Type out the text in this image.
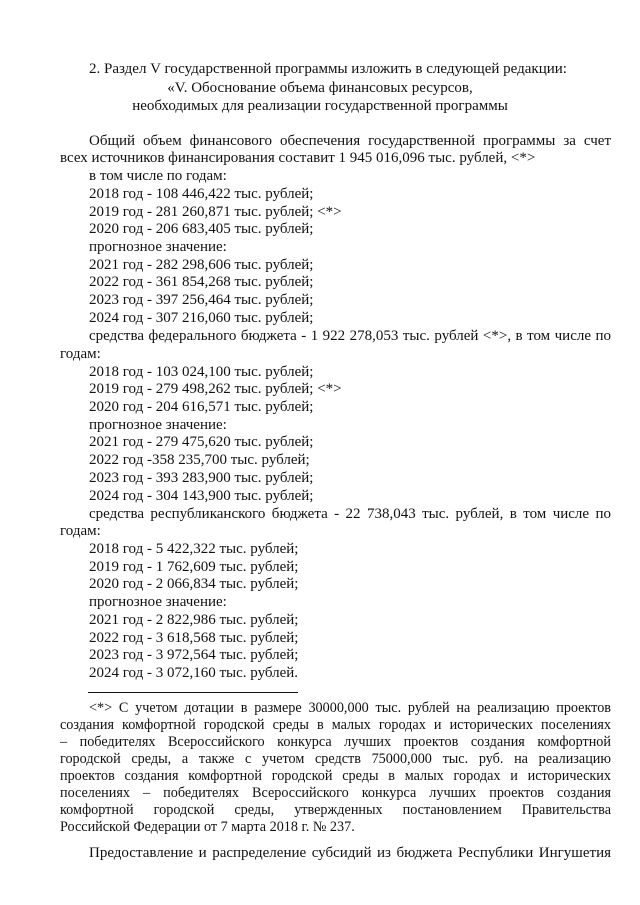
2. Раздел V государственной программы изложить в следующей редакции:
«V. Обоснование объема финансовых ресурсов,
необходимых для реализации государственной программы
Общий объем финансового обеспечения государственной программы за счет
всех источников финансирования составит 1 945 016,096 тыс. рублей, <*>
в том числе по годам:
2018 год - 108 446,422 тыс. рублей;
2019 год - 281 260,871 тыс. рублей; <*>
2020 год - 206 683,405 тыс. рублей;
прогнозное значение:
2021 год - 282 298,606 тыс. рублей;
2022 год - 361 854,268 тыс. рублей;
2023 год - 397 256,464 тыс. рублей;
2024 год - 307 216,060 тыс. рублей;
средства федерального бюджета - 1 922 278,053 тыс. рублей <*>, в том числе по
годам:
2018 год - 103 024,100 тыс. рублей;
2019 год - 279 498,262 тыс. рублей; <*>
2020 год - 204 616,571 тыс. рублей;
прогнозное значение:
2021 год - 279 475,620 тыс. рублей;
2022 год -358 235,700 тыс. рублей;
2023 год - 393 283,900 тыс. рублей;
2024 год - 304 143,900 тыс. рублей;
средства республиканского бюджета - 22 738,043 тыс. рублей, в том числе по
годам:
2018 год - 5 422,322 тыс. рублей;
2019 год - 1 762,609 тыс. рублей;
2020 год - 2 066,834 тыс. рублей;
прогнозное значение:
2021 год - 2 822,986 тыс. рублей;
2022 год - 3 618,568 тыс. рублей;
2023 год - 3 972,564 тыс. рублей;
2024 год - 3 072,160 тыс. рублей.
<*> С учетом дотации в размере 30000,000 тыс. рублей на реализацию проектов
создания комфортной городской среды в малых городах и исторических поселениях
– победителях Всероссийского конкурса лучших проектов создания комфортной
городской среды, а также с учетом средств 75000,000 тыс. руб. на реализацию
проектов создания комфортной городской среды в малых городах и исторических
поселениях – победителях Всероссийского конкурса лучших проектов создания
комфортной городской среды, утвержденных постановлением Правительства
Российской Федерации от 7 марта 2018 г. № 237.
Предоставление и распределение субсидий из бюджета Республики Ингушетия
